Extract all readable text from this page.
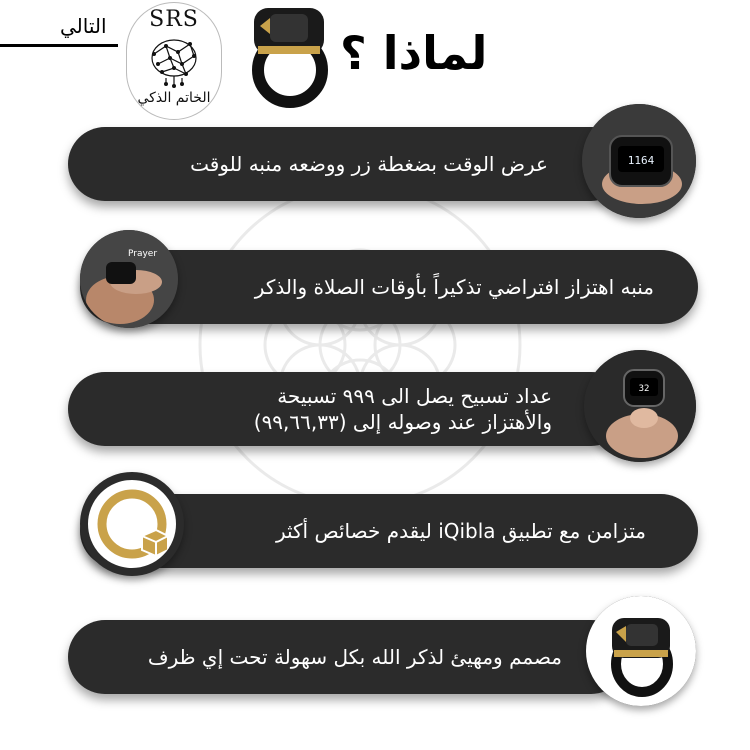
التالي	SRS
الخاتم الذكي
لماذا ؟
عرض الوقت بضغطة زر ووضعه منبه للوقت	1164
منبه اهتزاز افتراضي تذكيراً بأوقات الصلاة والذكر
Prayer
عداد تسبيح يصل الى ٩٩٩ تسبيحة
والأهتزاز عند وصوله إلى (٩٩,٦٦,٣٣)
32
متزامن مع تطبيق iQibla ليقدم خصائص أكثر
مصمم ومهيئ لذكر الله بكل سهولة تحت إي ظرف
